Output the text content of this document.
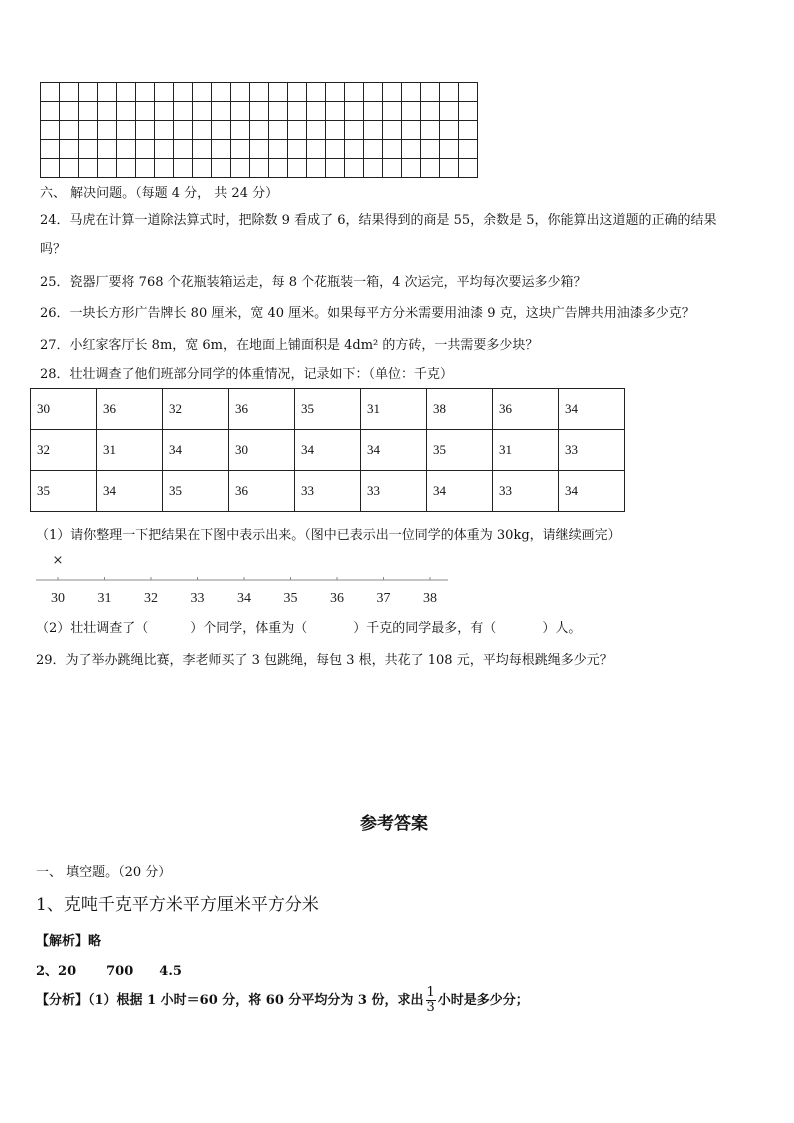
六、 解决问题。（每题 4 分， 共 24 分）
24．马虎在计算一道除法算式时，把除数 9 看成了 6，结果得到的商是 55，余数是 5，你能算出这道题的正确的结果
吗？
25．瓷器厂要将 768 个花瓶装箱运走，每 8 个花瓶装一箱，4 次运完，平均每次要运多少箱？
26．一块长方形广告牌长 80 厘米，宽 40 厘米。如果每平方分米需要用油漆 9 克，这块广告牌共用油漆多少克？
27．小红家客厅长 8m，宽 6m，在地面上铺面积是 4dm² 的方砖，一共需要多少块？
28．壮壮调查了他们班部分同学的体重情况，记录如下：（单位：千克）
30	36	32	36	35	31	38	36	34
32	31	34	30	34	34	35	31	33
35	34	35	36	33	33	34	33	34
（1）请你整理一下把结果在下图中表示出来。（图中已表示出一位同学的体重为 30kg，请继续画完）
30 31 32 33 34 35 36 37 38
×
（2）壮壮调查了（	）个同学，体重为（	）千克的同学最多，有（	）人。
29．为了举办跳绳比赛，李老师买了 3 包跳绳，每包 3 根，共花了 108 元，平均每根跳绳多少元？
参考答案
一、 填空题。（20 分）
1、克吨千克平方米平方厘米平方分米
【解析】略
2、20 700 4.5
【分析】（1）根据 1 小时＝60 分，将 60 分平均分为 3 份，求出 $\frac{1}{3}$ 小时是多少分；
